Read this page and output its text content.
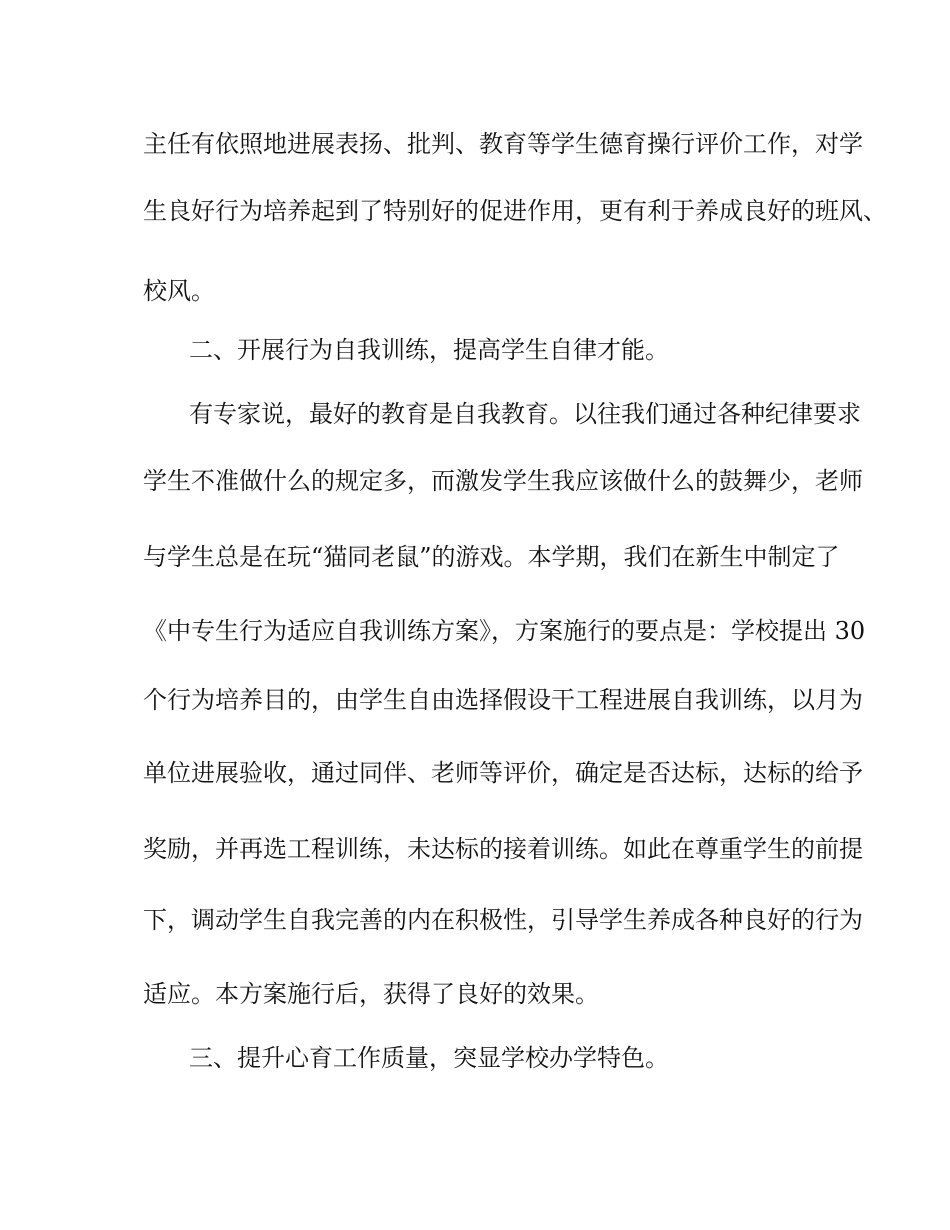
主任有依照地进展表扬、批判、教育等学生德育操行评价工作，对学
生良好行为培养起到了特别好的促进作用，更有利于养成良好的班风、
校风。
二、开展行为自我训练，提高学生自律才能。
有专家说，最好的教育是自我教育。以往我们通过各种纪律要求
学生不准做什么的规定多，而激发学生我应该做什么的鼓舞少，老师
与学生总是在玩“猫同老鼠”的游戏。本学期，我们在新生中制定了
《中专生行为适应自我训练方案》，方案施行的要点是：学校提出 30
个行为培养目的，由学生自由选择假设干工程进展自我训练，以月为
单位进展验收，通过同伴、老师等评价，确定是否达标，达标的给予
奖励，并再选工程训练，未达标的接着训练。如此在尊重学生的前提
下，调动学生自我完善的内在积极性，引导学生养成各种良好的行为
适应。本方案施行后，获得了良好的效果。
三、提升心育工作质量，突显学校办学特色。
